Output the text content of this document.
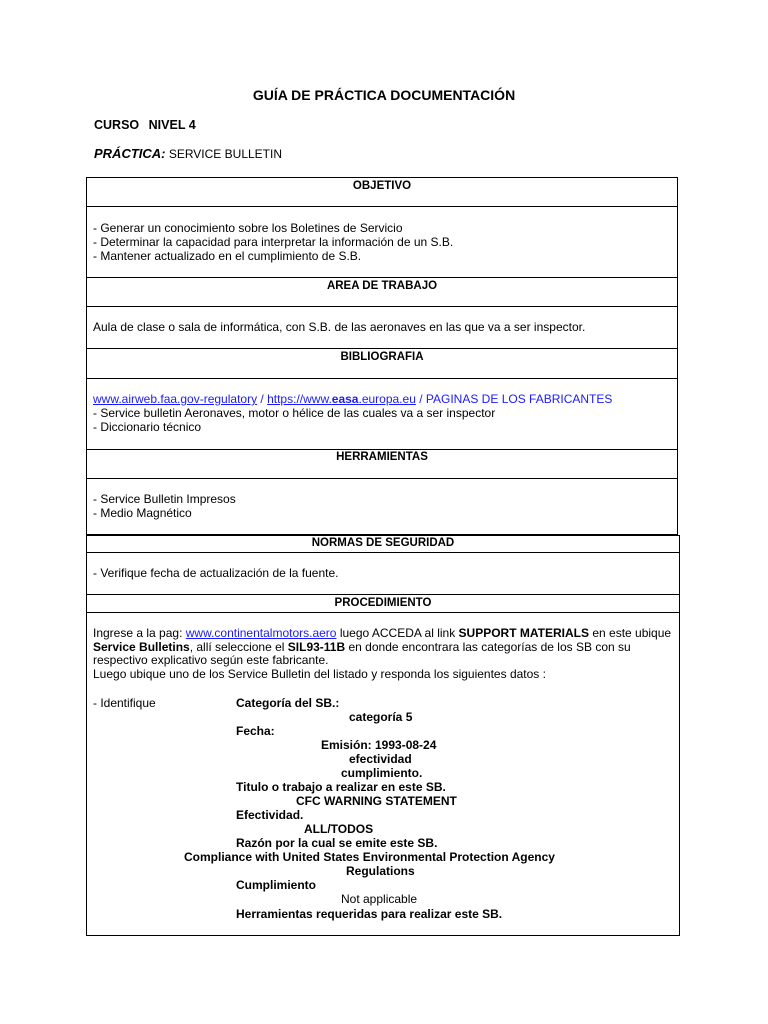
GUÍA DE PRÁCTICA DOCUMENTACIÓN
CURSO NIVEL 4
PRÁCTICA: SERVICE BULLETIN
OBJETIVO
- Generar un conocimiento sobre los Boletines de Servicio
- Determinar la capacidad para interpretar la información de un S.B.
- Mantener actualizado en el cumplimiento de S.B.
AREA DE TRABAJO
Aula de clase o sala de informática, con S.B. de las aeronaves en las que va a ser inspector.
BIBLIOGRAFIA
www.airweb.faa.gov-regulatory / https://www.easa.europa.eu / PAGINAS DE LOS FABRICANTES
- Service bulletin Aeronaves, motor o hélice de las cuales va a ser inspector
- Diccionario técnico
HERRAMIENTAS
- Service Bulletin Impresos
- Medio Magnético
NORMAS DE SEGURIDAD
- Verifique fecha de actualización de la fuente.
PROCEDIMIENTO
Ingrese a la pag: www.continentalmotors.aero luego ACCEDA al link SUPPORT MATERIALS en este ubique Service Bulletins, allí seleccione el SIL93-11B en donde encontrara las categorías de los SB con su respectivo explicativo según este fabricante.
Luego ubique uno de los Service Bulletin del listado y responda los siguientes datos :
- Identifique	Categoría del SB.:
categoría 5
Fecha:
Emisión: 1993-08-24
efectividad
cumplimiento.
Titulo o trabajo a realizar en este SB.
CFC WARNING STATEMENT
Efectividad.
ALL/TODOS
Razón por la cual se emite este SB.
Compliance with United States Environmental Protection Agency
Regulations
Cumplimiento
Not applicable
Herramientas requeridas para realizar este SB.
